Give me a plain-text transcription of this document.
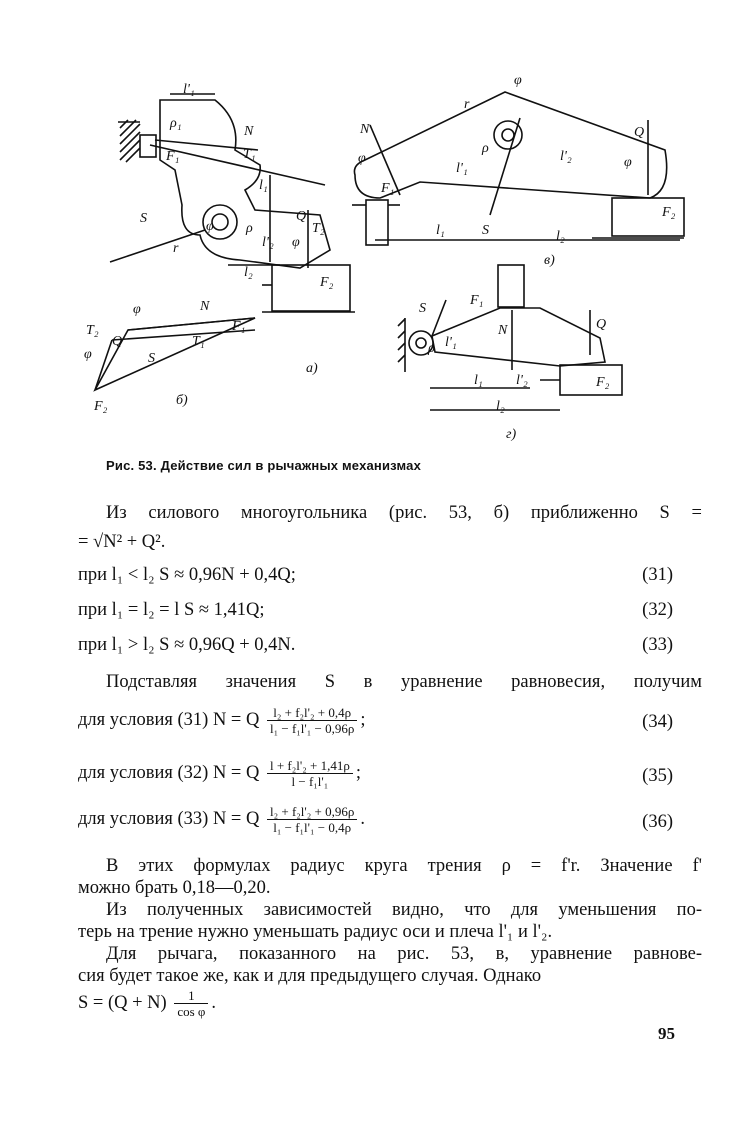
l'₁
ρ₁
N
T₁
F₁
l₁
S
r
φ ρ
Q
T₂
φ
l'₂
l₂
F₂
а)
φ	N
F₁
T₂
Q	T₁
φ	S
F₂	б)
φ
r
N	Q
φ
ρ
l'₁
l'₂	φ
F₁
F₂
l₁	S	l₂
в)
S
F₁
Q
N
l'₁
ρ
l₁ l'₂	F₂
l₂
г)
Рис. 53. Действие сил в рычажных механизмах
Из силового многоугольника (рис. 53, б) приближенно S =
= √N² + Q².
при l₁ < l₂ S ≈ 0,96N + 0,4Q;	(31)
при l₁ = l₂ = l S ≈ 1,41Q;	(32)
при l₁ > l₂ S ≈ 0,96Q + 0,4N.	(33)
Подставляя значения S в уравнение равновесия, получим
для условия (31) N = Q $\frac{\text{l₂ + f₂l'₂ + 0,4ρ}}{\text{l₁ − f₁l'₁ − 0,96ρ}}$ ;	(34)
для условия (32) N = Q $\frac{\text{l + f₂l'₂ + 1,41ρ}}{\text{l − f₁l'₁}}$ ;	(35)
для условия (33) N = Q $\frac{\text{l₂ + f₂l'₂ + 0,96ρ}}{\text{l₁ − f₁l'₁ − 0,4ρ}}$ .	(36)
В этих формулах радиус круга трения ρ = f'r. Значение f'
можно брать 0,18—0,20.
Из полученных зависимостей видно, что для уменьшения по-
терь на трение нужно уменьшать радиус оси и плеча l'₁ и l'₂.
Для рычага, показанного на рис. 53, в, уравнение равнове-
сия будет такое же, как и для предыдущего случая. Однако
$S = (Q + N) \frac{1}{\text{cos φ}}$ .
95
